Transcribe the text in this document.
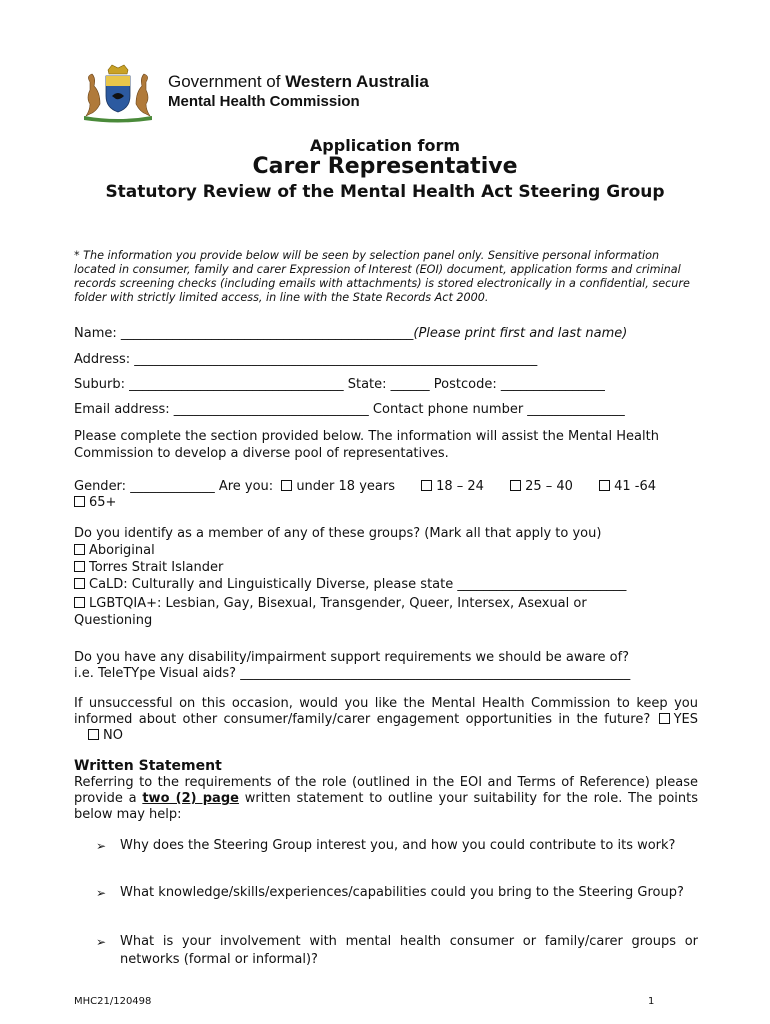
Government of Western Australia
Mental Health Commission
Application form
Carer Representative
Statutory Review of the Mental Health Act Steering Group
* The information you provide below will be seen by selection panel only. Sensitive personal information located in consumer, family and carer Expression of Interest (EOI) document, application forms and criminal records screening checks (including emails with attachments) is stored electronically in a confidential, secure folder with strictly limited access, in line with the State Records Act 2000.
Name: _____________________________________________(Please print first and last name)
Address: ______________________________________________________________
Suburb: _________________________________ State: ______ Postcode: ________________
Email address: ______________________________ Contact phone number _______________
Please complete the section provided below. The information will assist the Mental Health Commission to develop a diverse pool of representatives.
Gender: _____________ Are you: under 18 years	18 – 24	25 – 40	41 -64
65+
Do you identify as a member of any of these groups? (Mark all that apply to you)
Aboriginal
Torres Strait Islander
CaLD: Culturally and Linguistically Diverse, please state __________________________
LGBTQIA+: Lesbian, Gay, Bisexual, Transgender, Queer, Intersex, Asexual or
Questioning
Do you have any disability/impairment support requirements we should be aware of?
i.e. TeleTYpe Visual aids? ____________________________________________________________
If unsuccessful on this occasion, would you like the Mental Health Commission to keep you informed about other consumer/family/carer engagement opportunities in the future? YES NO
Written Statement
Referring to the requirements of the role (outlined in the EOI and Terms of Reference) please provide a two (2) page written statement to outline your suitability for the role. The points below may help:
➢ Why does the Steering Group interest you, and how you could contribute to its work?
➢ What knowledge/skills/experiences/capabilities could you bring to the Steering Group?
➢ What is your involvement with mental health consumer or family/carer groups or networks (formal or informal)?
MHC21/120498	1
